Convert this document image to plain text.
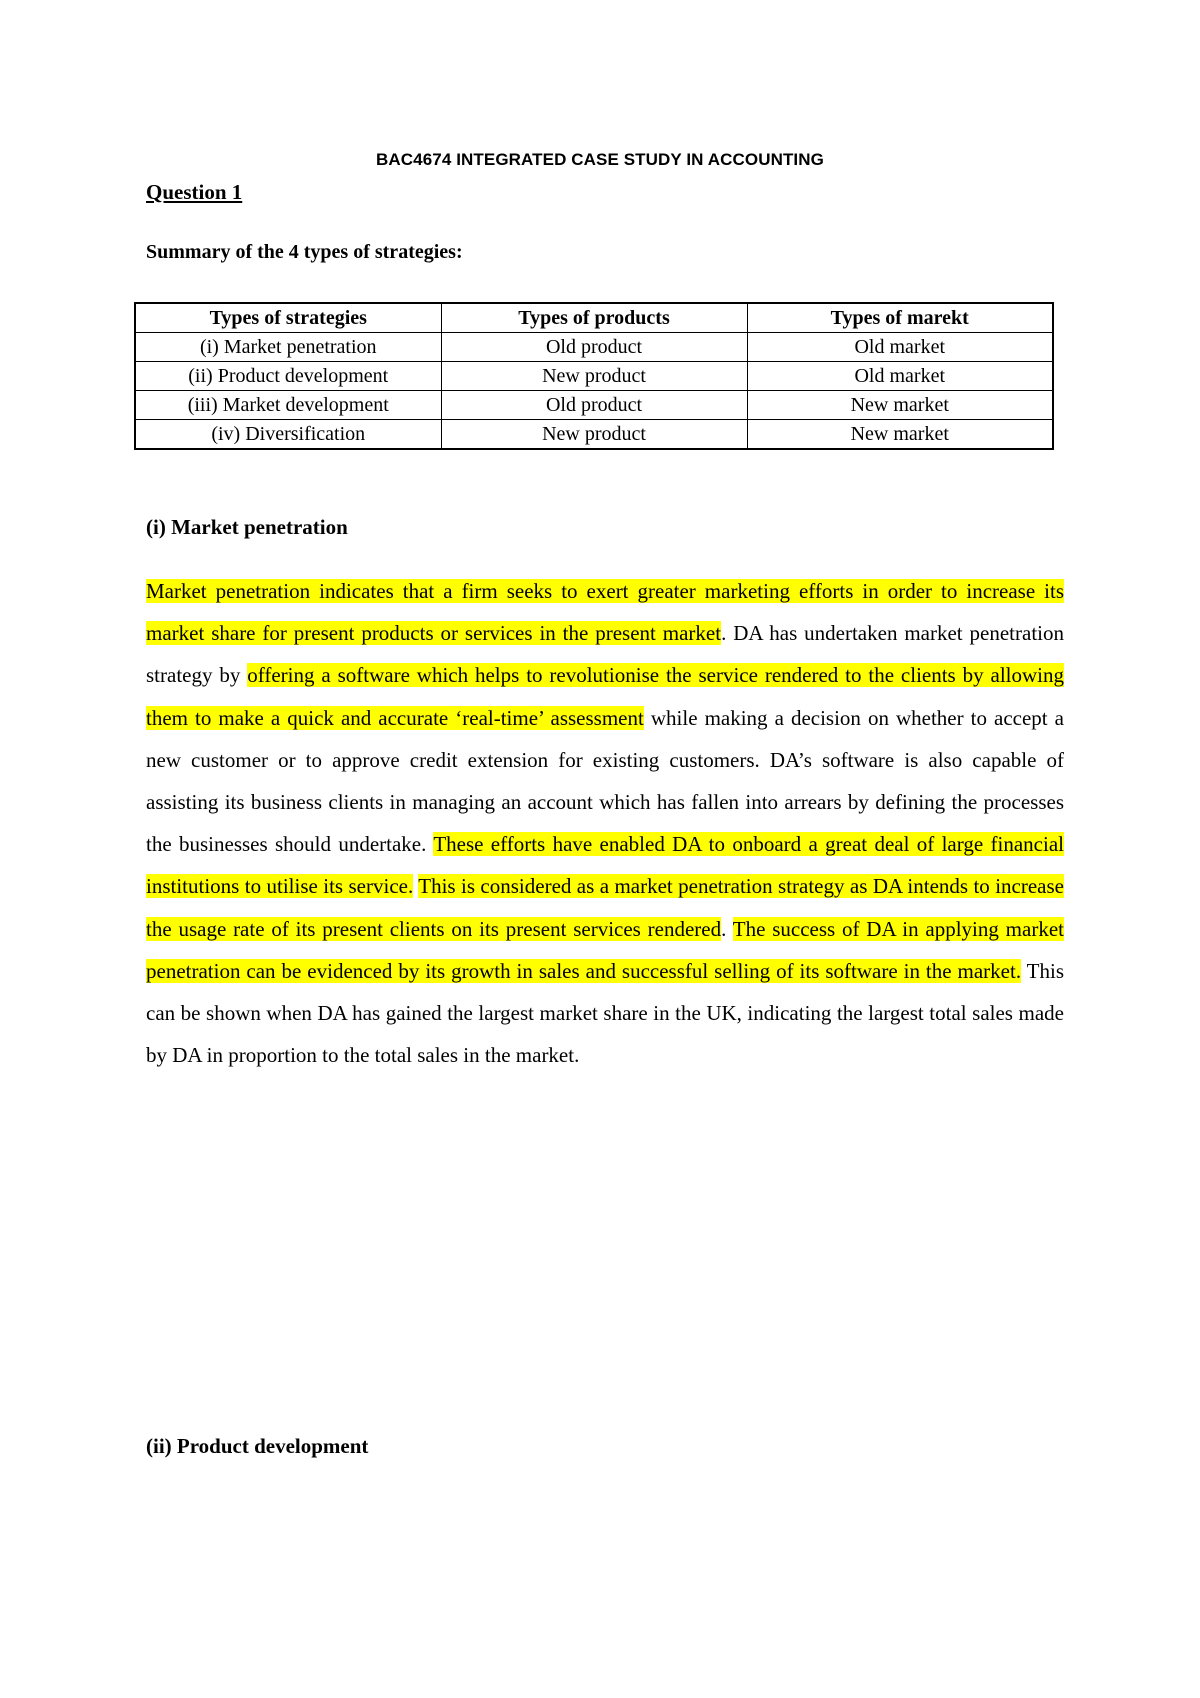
BAC4674 INTEGRATED CASE STUDY IN ACCOUNTING
Question 1
Summary of the 4 types of strategies:
Types of strategies	Types of products	Types of marekt
(i) Market penetration	Old product	Old market
(ii) Product development	New product	Old market
(iii) Market development	Old product	New market
(iv) Diversification	New product	New market
(i) Market penetration

Market penetration indicates that a firm seeks to exert greater marketing efforts in order to increase its market share for present products or services in the present market. DA has undertaken market penetration strategy by offering a software which helps to revolutionise the service rendered to the clients by allowing them to make a quick and accurate ‘real-time’ assessment while making a decision on whether to accept a new customer or to approve credit extension for existing customers. DA’s software is also capable of assisting its business clients in managing an account which has fallen into arrears by defining the processes the businesses should undertake. These efforts have enabled DA to onboard a great deal of large financial institutions to utilise its service. This is considered as a market penetration strategy as DA intends to increase the usage rate of its present clients on its present services rendered. The success of DA in applying market penetration can be evidenced by its growth in sales and successful selling of its software in the market. This can be shown when DA has gained the largest market share in the UK, indicating the largest total sales made by DA in proportion to the total sales in the market.

(ii) Product development
